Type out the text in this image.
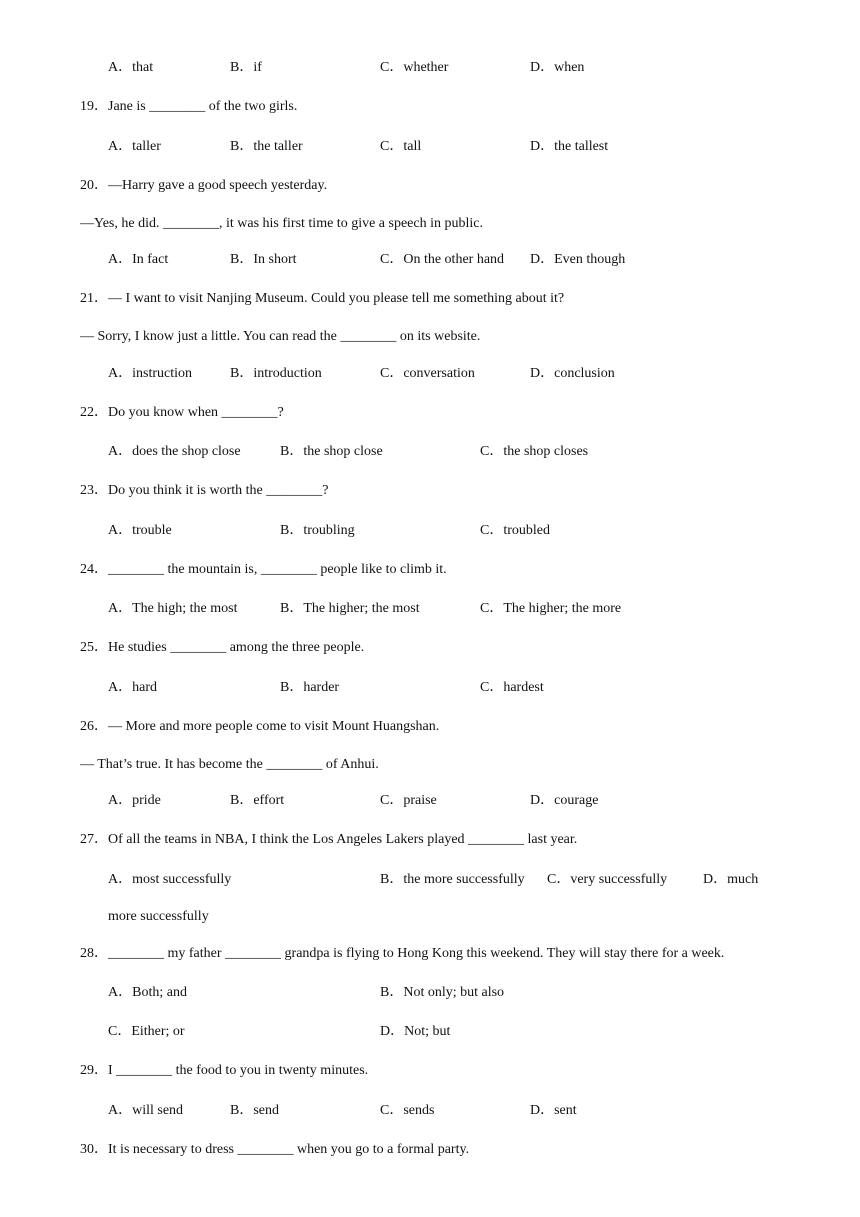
A．that	B．if	C．whether	D．when
19．Jane is ________ of the two girls.
A．taller	B．the taller	C．tall	D．the tallest
20．—Harry gave a good speech yesterday.
—Yes, he did. ________, it was his first time to give a speech in public.
A．In fact	B．In short	C．On the other hand D．Even though
21．— I want to visit Nanjing Museum. Could you please tell me something about it?
— Sorry, I know just a little. You can read the ________ on its website.
A．instruction	B．introduction	C．conversation	D．conclusion
22．Do you know when ________?
A．does the shop close	B．the shop close	C．the shop closes
23．Do you think it is worth the ________?
A．trouble	B．troubling	C．troubled
24．________ the mountain is, ________ people like to climb it.
A．The high; the most	B．The higher; the most	C．The higher; the more
25．He studies ________ among the three people.
A．hard	B．harder	C．hardest
26．— More and more people come to visit Mount Huangshan.
— That’s true. It has become the ________ of Anhui.
A．pride	B．effort	C．praise	D．courage
27．Of all the teams in NBA, I think the Los Angeles Lakers played ________ last year.
A．most successfully	B．the more successfully C．very successfully	D．much
more successfully
28．________ my father ________ grandpa is flying to Hong Kong this weekend. They will stay there for a week.
A．Both; and	B．Not only; but also
C．Either; or	D．Not; but
29．I ________ the food to you in twenty minutes.
A．will send	B．send	C．sends	D．sent
30．It is necessary to dress ________ when you go to a formal party.
